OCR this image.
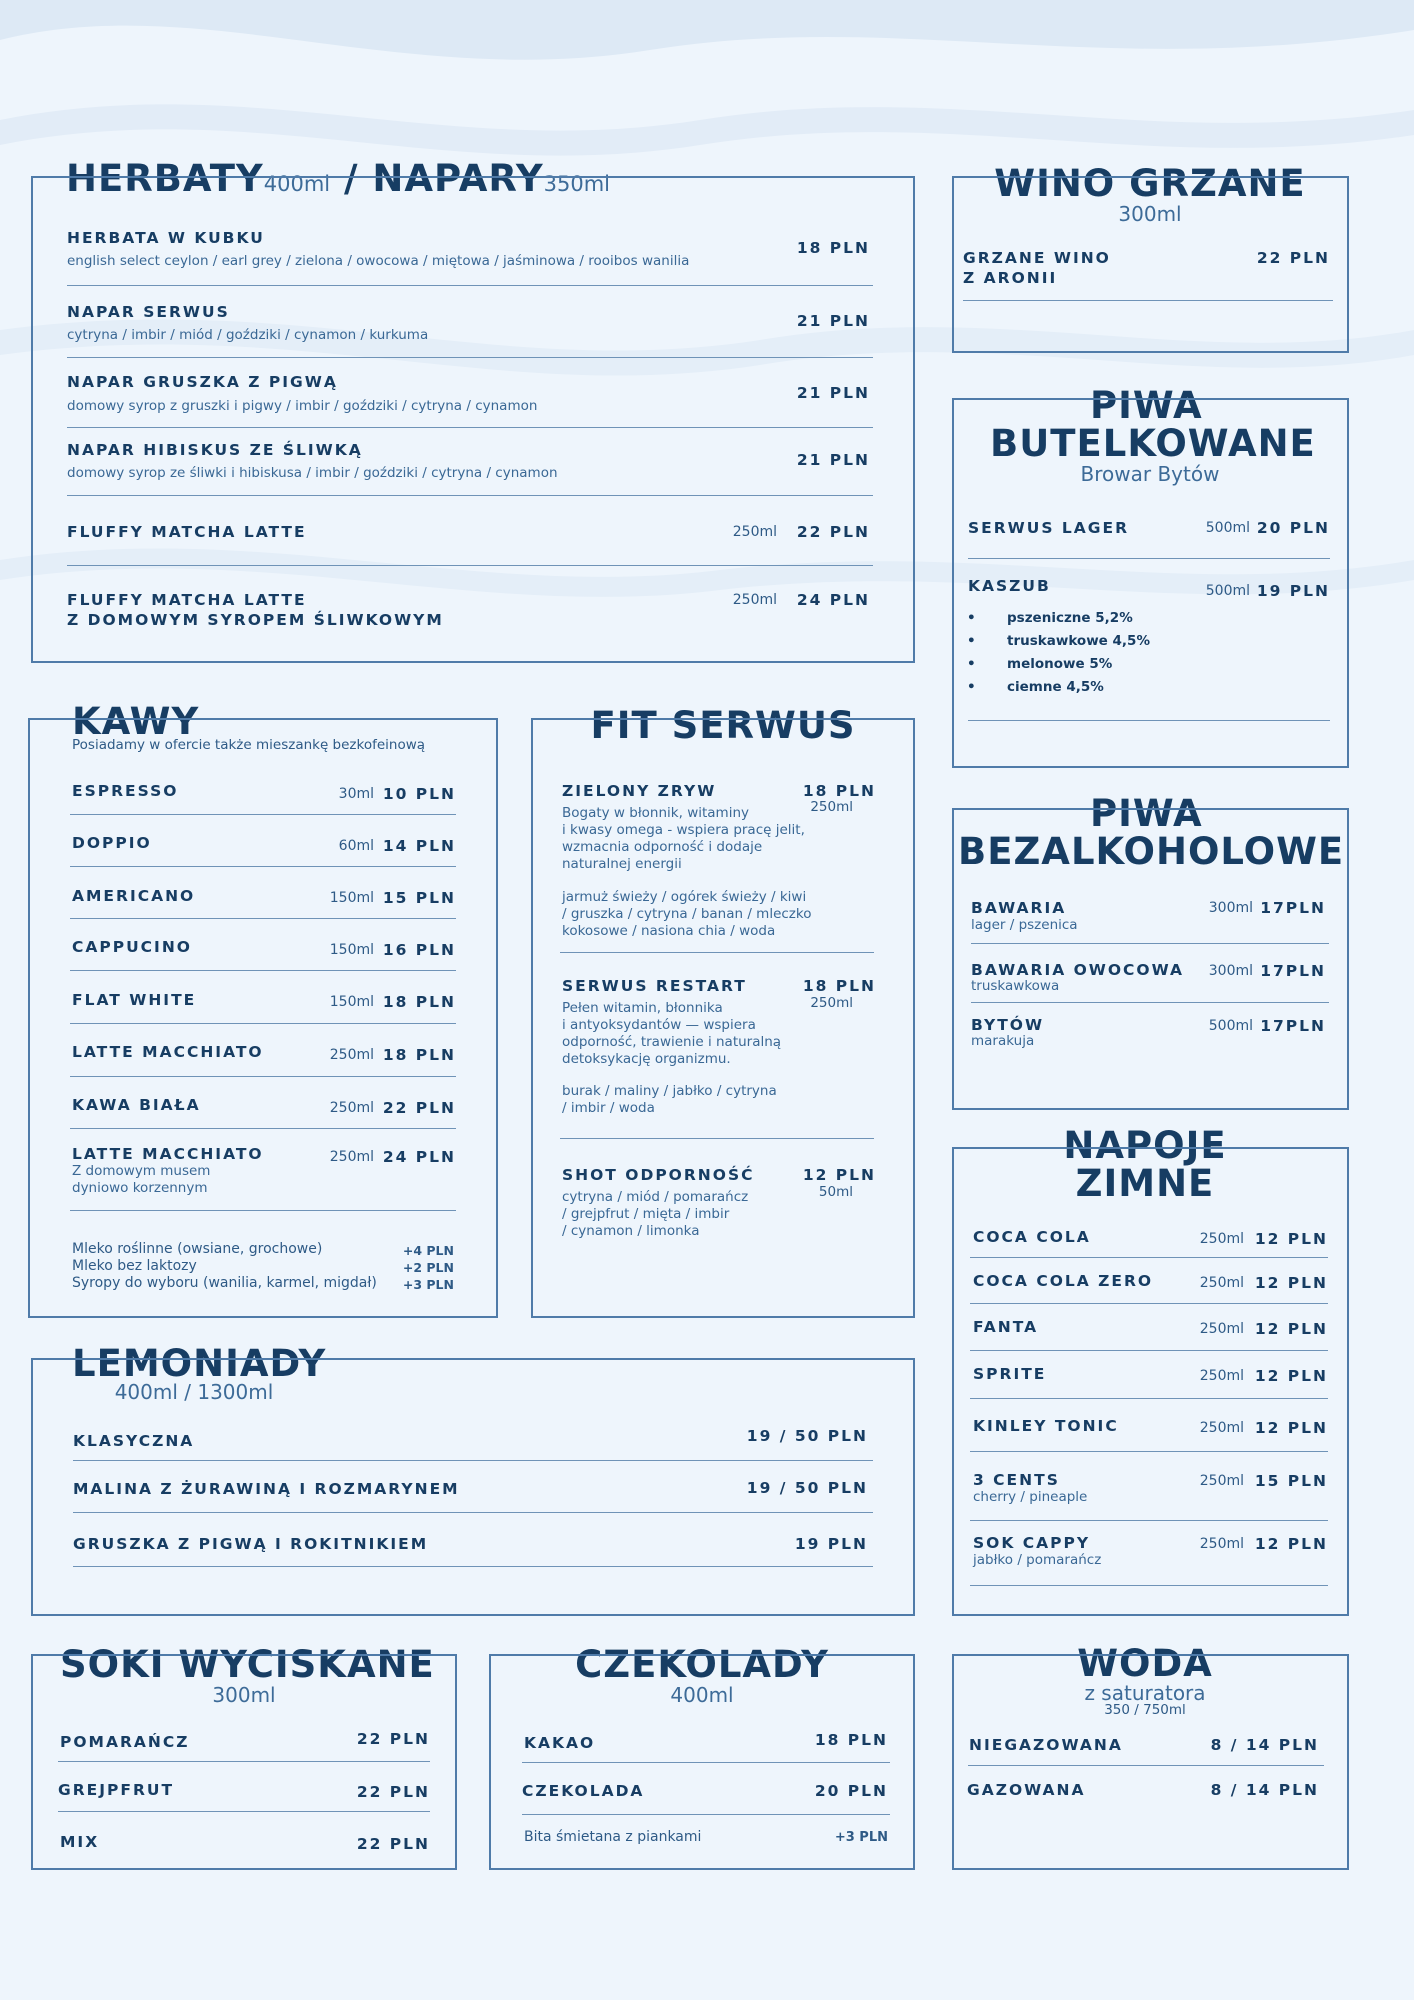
HERBATY400ml / NAPARY350ml
HERBATA W KUBKU
english select ceylon / earl grey / zielona / owocowa / miętowa / jaśminowa / rooibos wanilia
18 PLN
NAPAR SERWUS
cytryna / imbir / miód / goździki / cynamon / kurkuma
21 PLN
NAPAR GRUSZKA Z PIGWĄ
domowy syrop z gruszki i pigwy / imbir / goździki / cytryna / cynamon
21 PLN
NAPAR HIBISKUS ZE ŚLIWKĄ
domowy syrop ze śliwki i hibiskusa / imbir / goździki / cytryna / cynamon
21 PLN
FLUFFY MATCHA LATTE	250ml	22 PLN
FLUFFY MATCHA LATTE
Z DOMOWYM SYROPEM ŚLIWKOWYM
250ml	24 PLN
WINO GRZANE
300ml
GRZANE WINO
Z ARONII
22 PLN
PIWA
BUTELKOWANE
Browar Bytów
SERWUS LAGER	500ml 20 PLN
KASZUB	500ml 19 PLN
• pszeniczne 5,2%
• truskawkowe 4,5%
• melonowe 5%
• ciemne 4,5%
KAWY
Posiadamy w ofercie także mieszankę bezkofeinową
ESPRESSO	30ml 10 PLN
DOPPIO	60ml 14 PLN
AMERICANO	150ml 15 PLN
CAPPUCINO	150ml 16 PLN
FLAT WHITE	150ml 18 PLN
LATTE MACCHIATO	250ml 18 PLN
KAWA BIAŁA	250ml 22 PLN
LATTE MACCHIATO
Z domowym musem
dyniowo korzennym
250ml 24 PLN
Mleko roślinne (owsiane, grochowe)	+4 PLN
Mleko bez laktozy	+2 PLN
Syropy do wyboru (wanilia, karmel, migdał)	+3 PLN
FIT SERWUS
ZIELONY ZRYW	18 PLN
250ml
Bogaty w błonnik, witaminy
i kwasy omega - wspiera pracę jelit,
wzmacnia odporność i dodaje
naturalnej energii
jarmuż świeży / ogórek świeży / kiwi
/ gruszka / cytryna / banan / mleczko
kokosowe / nasiona chia / woda
SERWUS RESTART	18 PLN
250ml
Pełen witamin, błonnika
i antyoksydantów — wspiera
odporność, trawienie i naturalną
detoksykację organizmu.
burak / maliny / jabłko / cytryna
/ imbir / woda
SHOT ODPORNOŚĆ	12 PLN
50ml
cytryna / miód / pomarańcz
/ grejpfrut / mięta / imbir
/ cynamon / limonka
PIWA
BEZALKOHOLOWE
BAWARIA
lager / pszenica
300ml 17PLN
BAWARIA OWOCOWA
truskawkowa
300ml 17PLN
BYTÓW
marakuja
500ml 17PLN
NAPOJE
ZIMNE
COCA COLA	250ml 12 PLN
COCA COLA ZERO	250ml 12 PLN
FANTA	250ml 12 PLN
SPRITE	250ml 12 PLN
KINLEY TONIC	250ml 12 PLN
3 CENTS
cherry / pineaple
250ml 15 PLN
SOK CAPPY
jabłko / pomarańcz
250ml 12 PLN
LEMONIADY
400ml / 1300ml
KLASYCZNA	19 / 50 PLN
MALINA Z ŻURAWINĄ I ROZMARYNEM	19 / 50 PLN
GRUSZKA Z PIGWĄ I ROKITNIKIEM	19 PLN
SOKI WYCISKANE
300ml
POMARAŃCZ	22 PLN
GREJPFRUT	22 PLN
MIX	22 PLN
CZEKOLADY
400ml
KAKAO	18 PLN
CZEKOLADA	20 PLN
Bita śmietana z piankami	+3 PLN
WODA
z saturatora
350 / 750ml
NIEGAZOWANA	8 / 14 PLN
GAZOWANA	8 / 14 PLN
